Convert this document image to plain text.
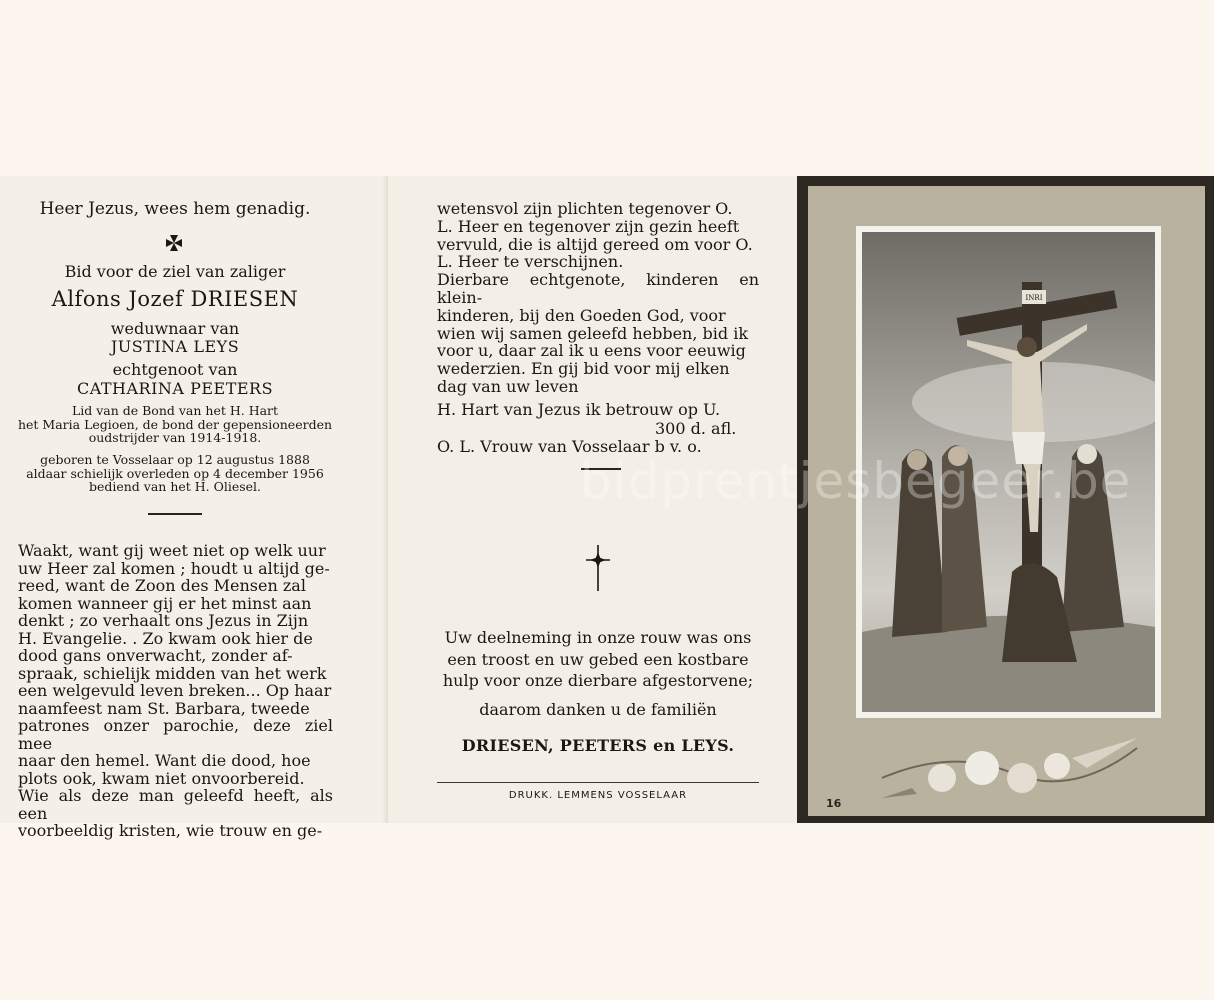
Heer Jezus, wees hem genadig.

Bid voor de ziel van zaliger

Alfons Jozef DRIESEN

weduwnaar van

JUSTINA LEYS

echtgenoot van

CATHARINA PEETERS

Lid van de Bond van het H. Hart
het Maria Legioen, de bond der gepensioneerden
oudstrijder van 1914-1918.
geboren te Vosselaar op 12 augustus 1888
aldaar schielijk overleden op 4 december 1956
bediend van het H. Oliesel.
Waakt, want gij weet niet op welk uur
uw Heer zal komen ; houdt u altijd ge-
reed, want de Zoon des Mensen zal
komen wanneer gij er het minst aan
denkt ; zo verhaalt ons Jezus in Zijn
H. Evangelie. . Zo kwam ook hier de
dood gans onverwacht, zonder af-
spraak, schielijk midden van het werk
een welgevuld leven breken... Op haar
naamfeest nam St. Barbara, tweede
patrones onzer parochie, deze ziel mee
naar den hemel. Want die dood, hoe
plots ook, kwam niet onvoorbereid.
Wie als deze man geleefd heeft, als een
voorbeeldig kristen, wie trouw en ge-
wetensvol zijn plichten tegenover O.
L. Heer en tegenover zijn gezin heeft
vervuld, die is altijd gereed om voor O.
L. Heer te verschijnen.
Dierbare echtgenote, kinderen en klein-
kinderen, bij den Goeden God, voor
wien wij samen geleefd hebben, bid ik
voor u, daar zal ik u eens voor eeuwig
wederzien. En gij bid voor mij elken
dag van uw leven

H. Hart van Jezus ik betrouw op U.

300 d. afl.

O. L. Vrouw van Vosselaar b v. o.

Uw deelneming in onze rouw was ons
een troost en uw gebed een kostbare
hulp voor onze dierbare afgestorvene;

daarom danken u de familiën

DRIESEN, PEETERS en LEYS.

DRUKK. LEMMENS VOSSELAAR
INRI
16
bidprentjesbegeer.be
